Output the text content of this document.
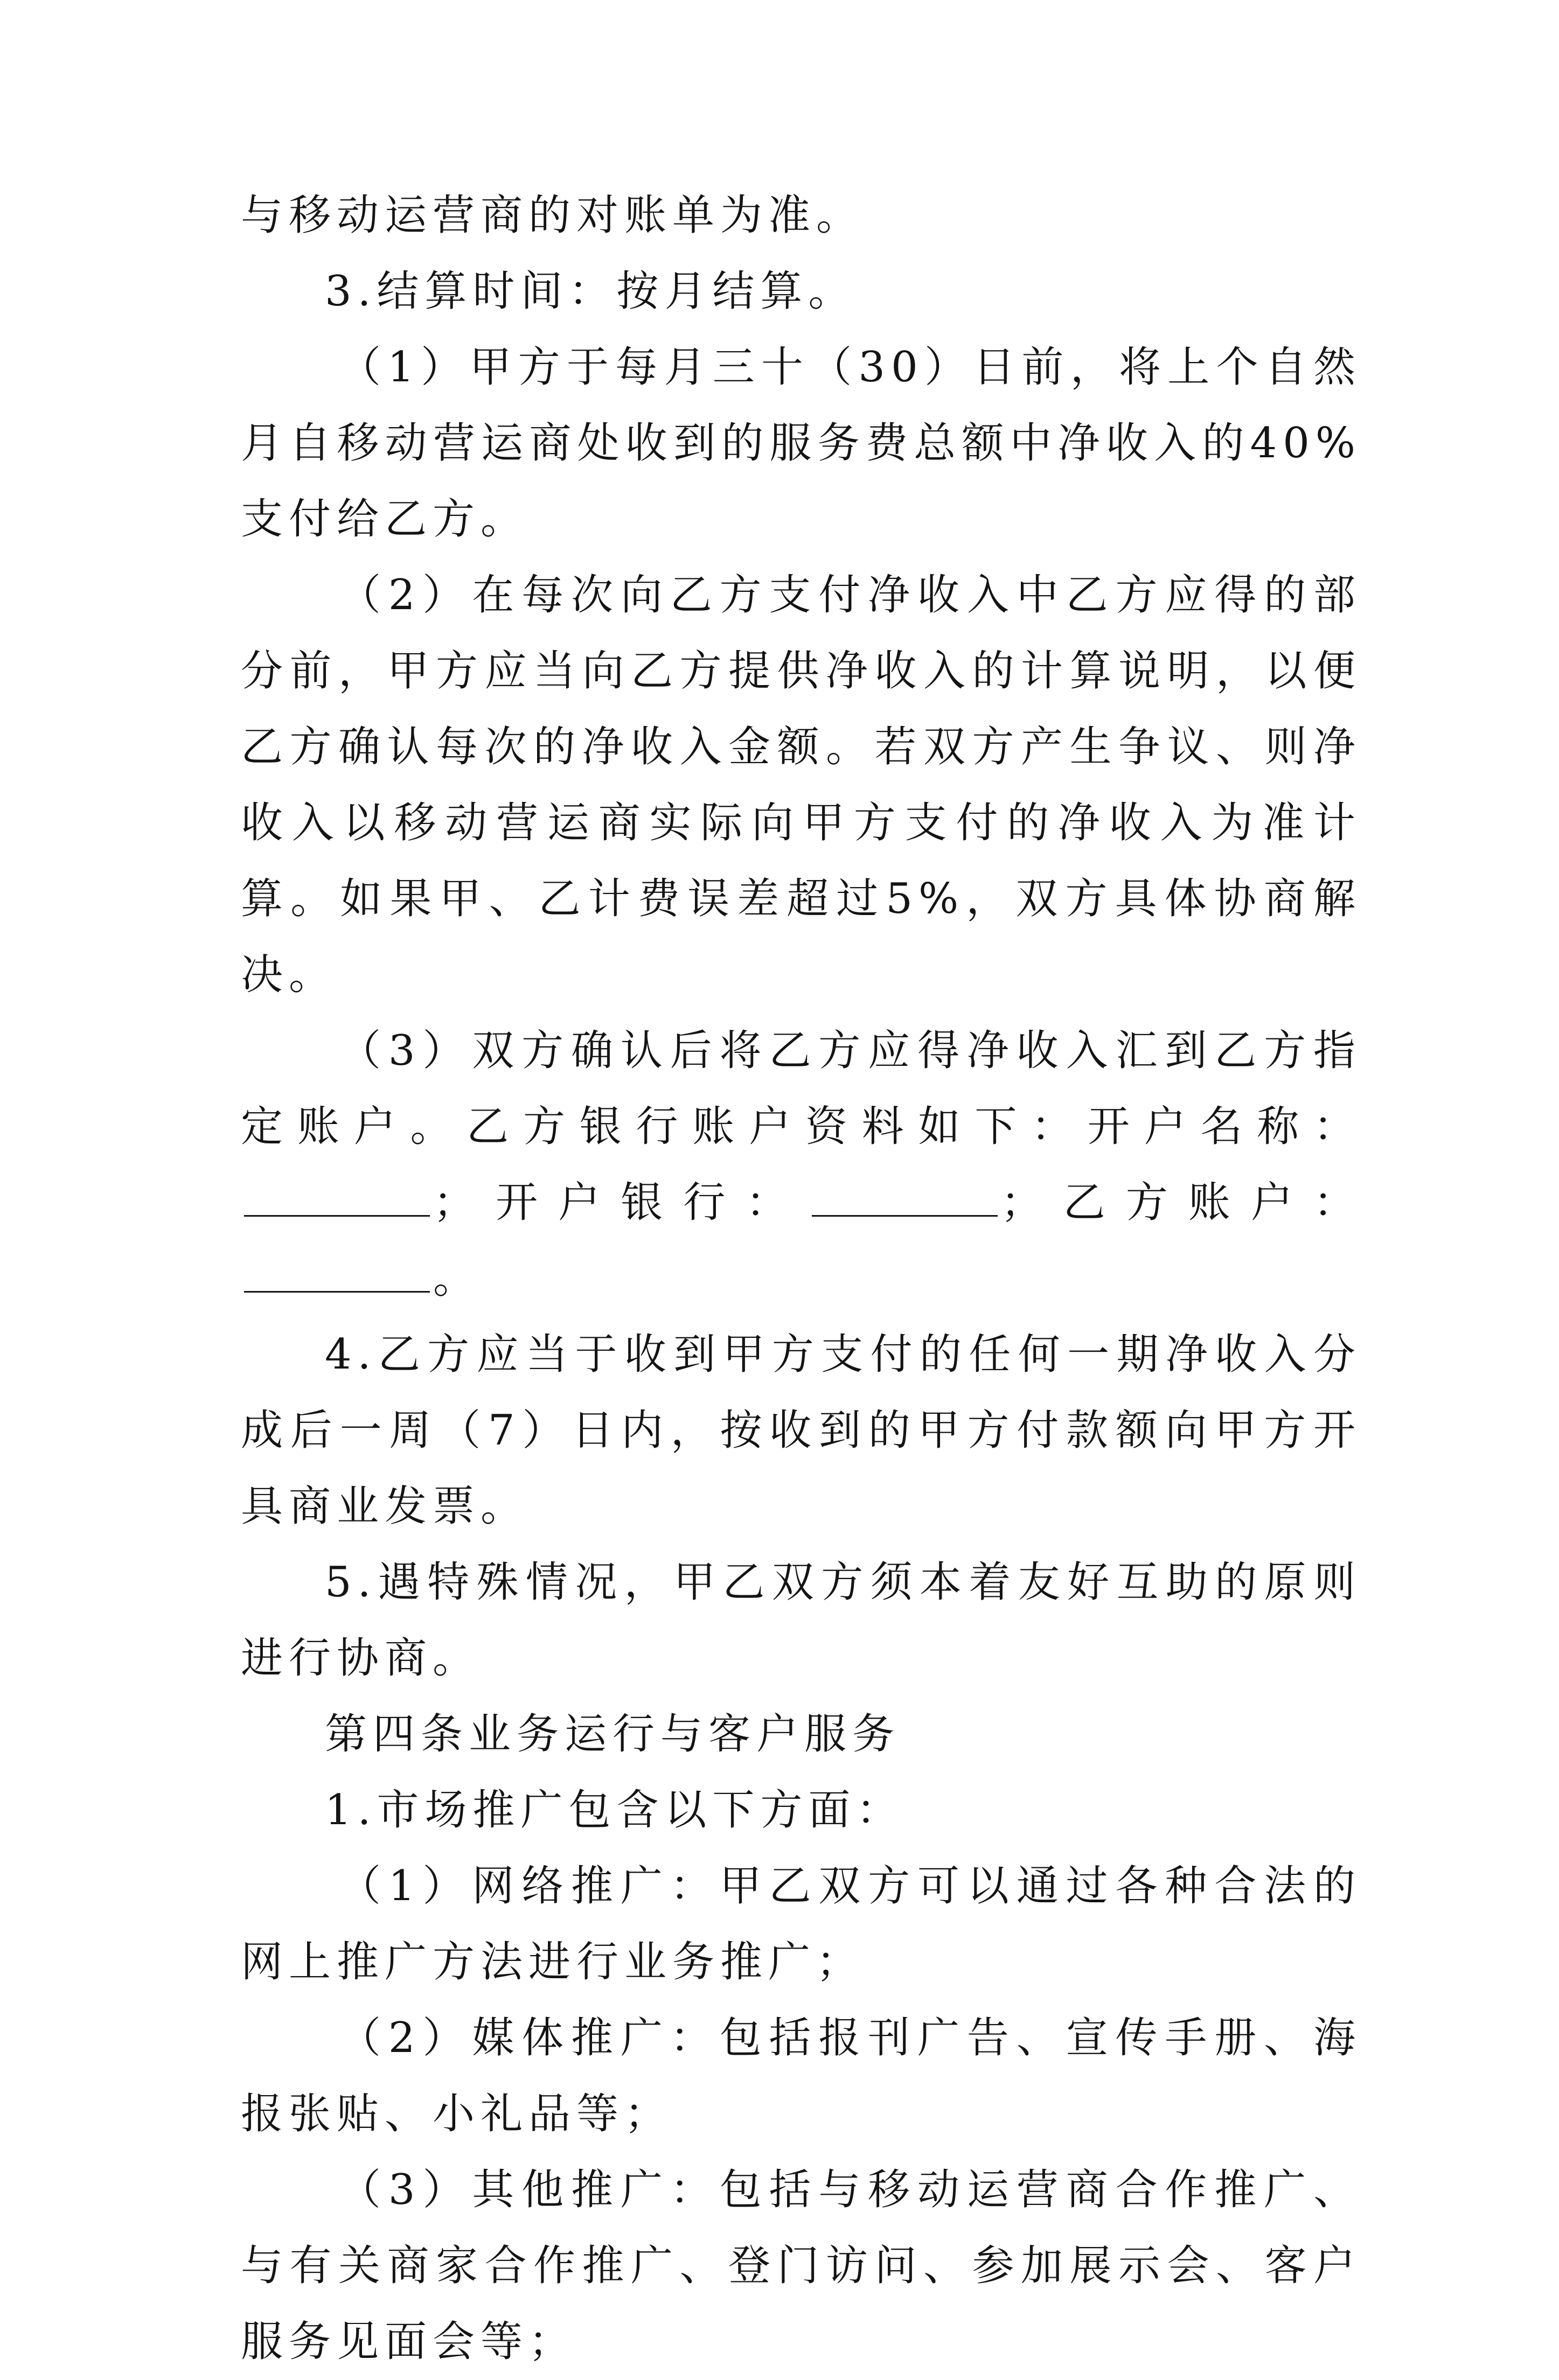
与移动运营商的对账单为准。

3.结算时间：按月结算。

（1）甲方于每月三十（30）日前，将上个自然月自移动营运商处收到的服务费总额中净收入的40%支付给乙方。

（2）在每次向乙方支付净收入中乙方应得的部分前，甲方应当向乙方提供净收入的计算说明，以便乙方确认每次的净收入金额。若双方产生争议、则净收入以移动营运商实际向甲方支付的净收入为准计算。如果甲、乙计费误差超过5%，双方具体协商解决。

（3）双方确认后将乙方应得净收入汇到乙方指定账户。乙方银行账户资料如下：开户名称：；开户银行：	；乙方账户：。

4.乙方应当于收到甲方支付的任何一期净收入分成后一周（7）日内，按收到的甲方付款额向甲方开具商业发票。

5.遇特殊情况，甲乙双方须本着友好互助的原则进行协商。

第四条业务运行与客户服务

1.市场推广包含以下方面：

（1）网络推广：甲乙双方可以通过各种合法的网上推广方法进行业务推广；

（2）媒体推广：包括报刊广告、宣传手册、海报张贴、小礼品等；

（3）其他推广：包括与移动运营商合作推广、与有关商家合作推广、登门访问、参加展示会、客户服务见面会等；
